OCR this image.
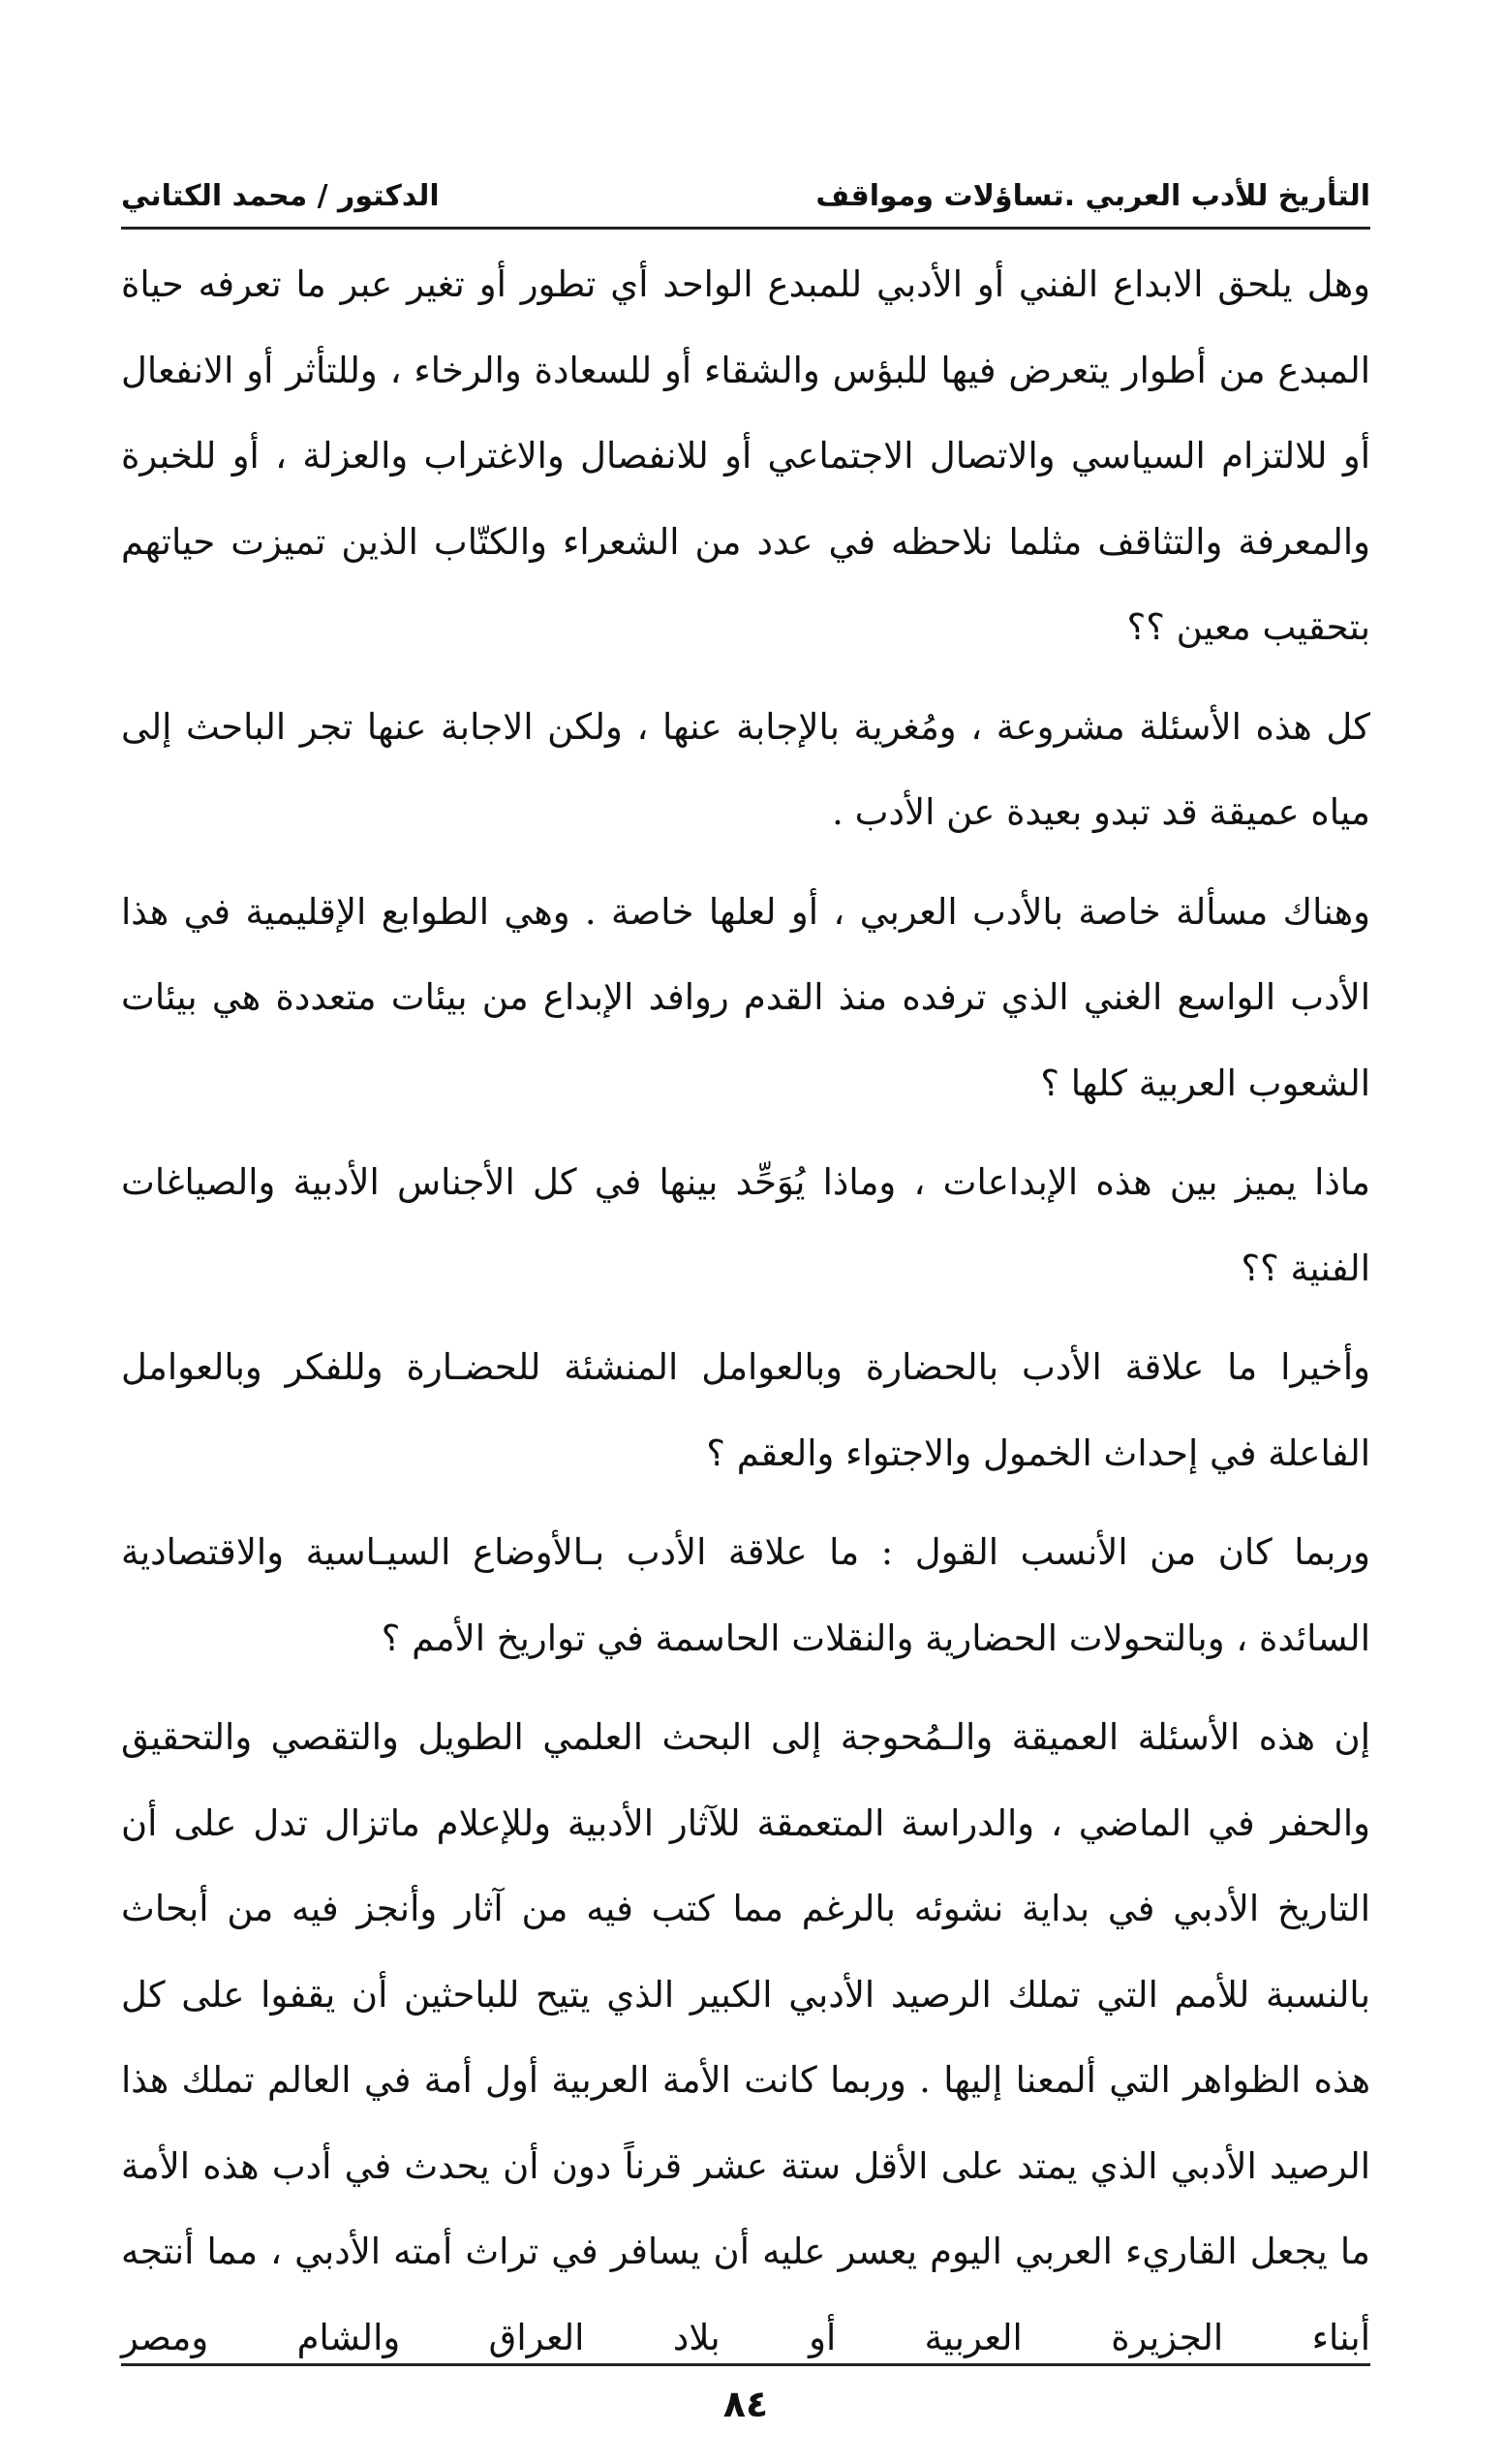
التأريخ للأدب العربي .تساؤلات ومواقف
الدكتور / محمد الكتاني

وهل يلحق الابداع الفني أو الأدبي للمبدع الواحد أي تطور أو تغير عبر ما تعرفه حياة المبدع من أطوار يتعرض فيها للبؤس والشقاء أو للسعادة والرخاء ، وللتأثر أو الانفعال أو للالتزام السياسي والاتصال الاجتماعي أو للانفصال والاغتراب والعزلة ، أو للخبرة والمعرفة والتثاقف مثلما نلاحظه في عدد من الشعراء والكتّاب الذين تميزت حياتهم بتحقيب معين ؟؟

كل هذه الأسئلة مشروعة ، ومُغرية بالإجابة عنها ، ولكن الاجابة عنها تجر الباحث إلى مياه عميقة قد تبدو بعيدة عن الأدب .

وهناك مسألة خاصة بالأدب العربي ، أو لعلها خاصة . وهي الطوابع الإقليمية في هذا الأدب الواسع الغني الذي ترفده منذ القدم روافد الإبداع من بيئات متعددة هي بيئات الشعوب العربية كلها ؟

ماذا يميز بين هذه الإبداعات ، وماذا يُوَحِّد بينها في كل الأجناس الأدبية والصياغات الفنية ؟؟

وأخيرا ما علاقة الأدب بالحضارة وبالعوامل المنشئة للحضـارة وللفكر وبالعوامل الفاعلة في إحداث الخمول والاجتواء والعقم ؟

وربما كان من الأنسب القول : ما علاقة الأدب بـالأوضاع السيـاسية والاقتصادية السائدة ، وبالتحولات الحضارية والنقلات الحاسمة في تواريخ الأمم ؟

إن هذه الأسئلة العميقة والـمُحوجة إلى البحث العلمي الطويل والتقصي والتحقيق والحفر في الماضي ، والدراسة المتعمقة للآثار الأدبية وللإعلام ماتزال تدل على أن التاريخ الأدبي في بداية نشوئه بالرغم مما كتب فيه من آثار وأنجز فيه من أبحاث بالنسبة للأمم التي تملك الرصيد الأدبي الكبير الذي يتيح للباحثين أن يقفوا على كل هذه الظواهر التي ألمعنا إليها . وربما كانت الأمة العربية أول أمة في العالم تملك هذا الرصيد الأدبي الذي يمتد على الأقل ستة عشر قرناً دون أن يحدث في أدب هذه الأمة ما يجعل القاريء العربي اليوم يعسر عليه أن يسافر في تراث أمته الأدبي ، مما أنتجه أبناء الجزيرة العربية أو بلاد العراق والشام ومصر

٨٤
